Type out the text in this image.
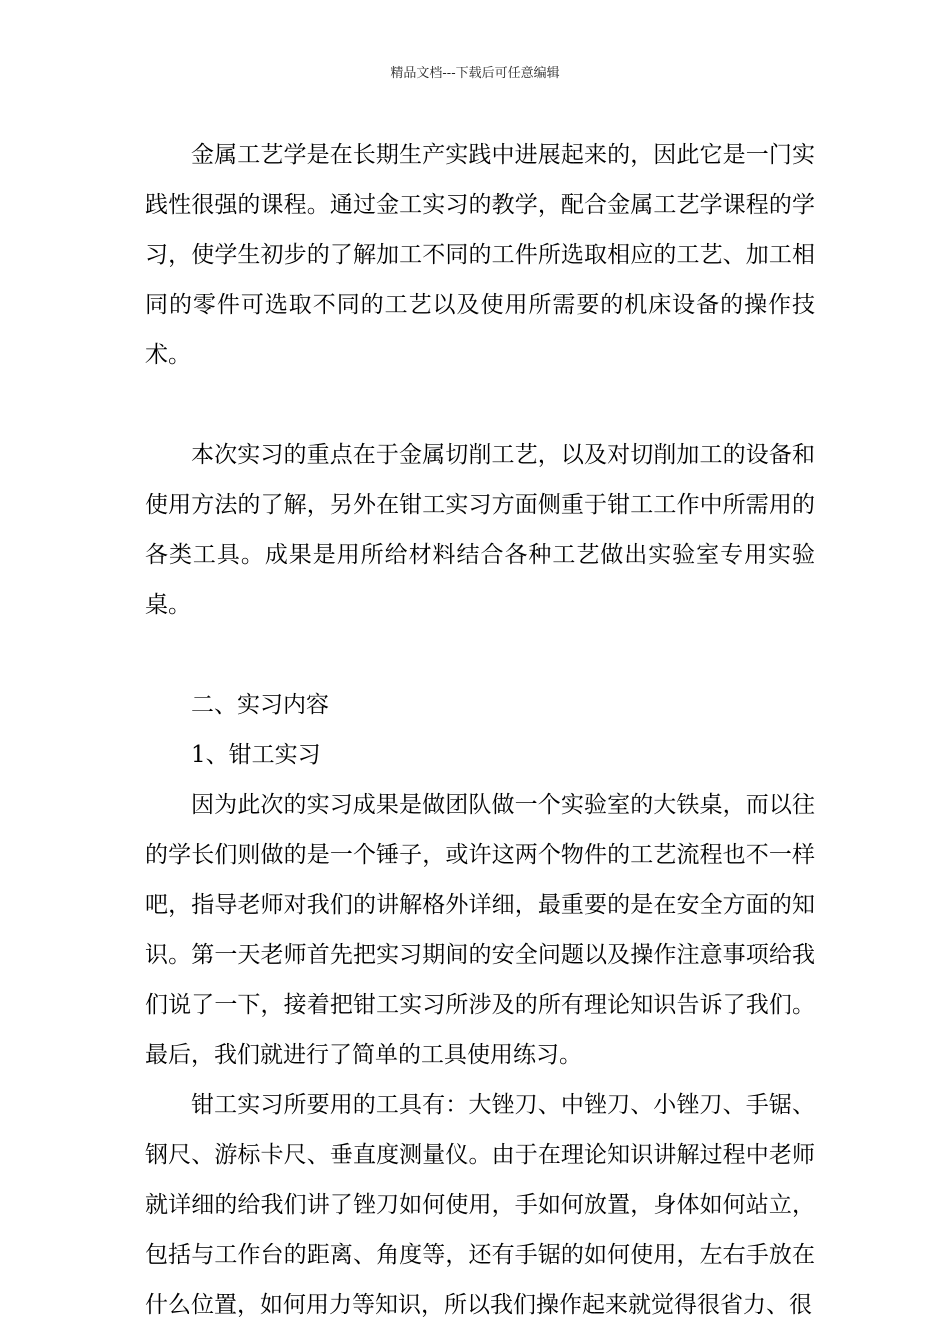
精品文档---下载后可任意编辑

金属工艺学是在长期生产实践中进展起来的，因此它是一门实践性很强的课程。通过金工实习的教学，配合金属工艺学课程的学习，使学生初步的了解加工不同的工件所选取相应的工艺、加工相同的零件可选取不同的工艺以及使用所需要的机床设备的操作技术。

本次实习的重点在于金属切削工艺，以及对切削加工的设备和使用方法的了解，另外在钳工实习方面侧重于钳工工作中所需用的各类工具。成果是用所给材料结合各种工艺做出实验室专用实验桌。

二、实习内容

1、钳工实习

因为此次的实习成果是做团队做一个实验室的大铁桌，而以往的学长们则做的是一个锤子，或许这两个物件的工艺流程也不一样吧，指导老师对我们的讲解格外详细，最重要的是在安全方面的知识。第一天老师首先把实习期间的安全问题以及操作注意事项给我们说了一下，接着把钳工实习所涉及的所有理论知识告诉了我们。最后，我们就进行了简单的工具使用练习。

钳工实习所要用的工具有：大锉刀、中锉刀、小锉刀、手锯、钢尺、游标卡尺、垂直度测量仪。由于在理论知识讲解过程中老师就详细的给我们讲了锉刀如何使用，手如何放置，身体如何站立，包括与工作台的距离、角度等，还有手锯的如何使用，左右手放在什么位置，如何用力等知识，所以我们操作起来就觉得很省力、很
